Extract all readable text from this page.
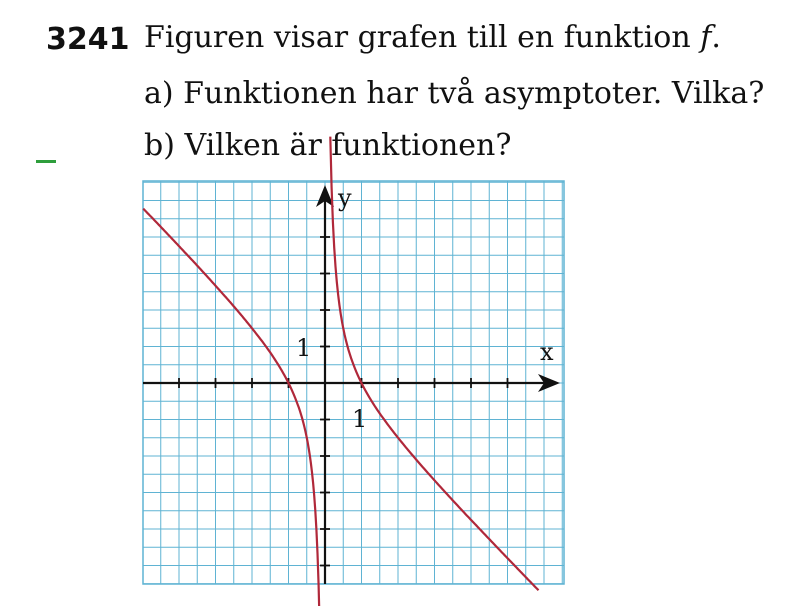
3241 Figuren visar grafen till en funktion f.
a) Funktionen har två asymptoter. Vilka?
b) Vilken är funktionen?
x
y
1
1
